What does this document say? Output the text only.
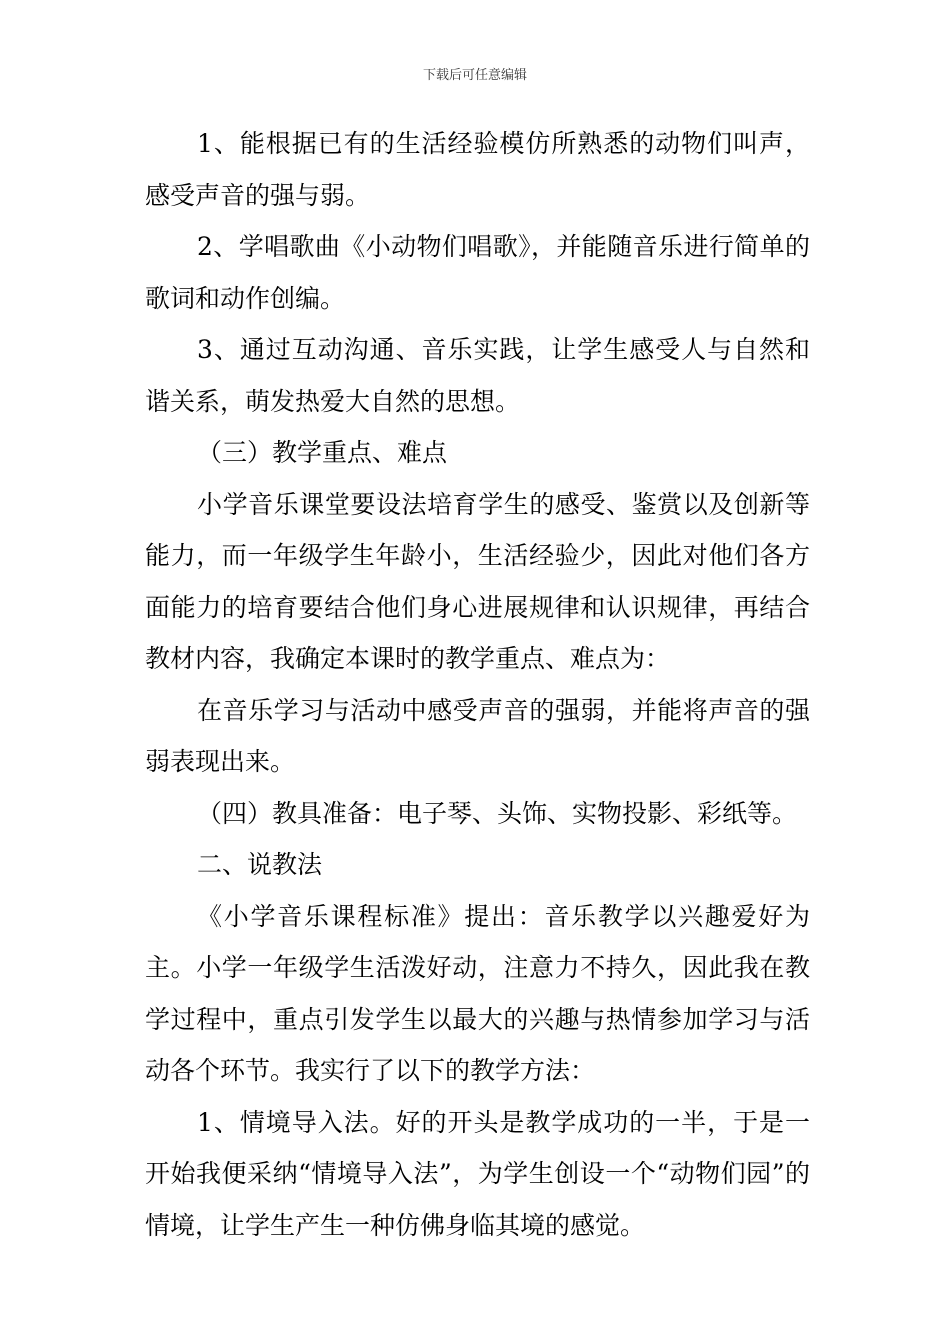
下载后可任意编辑

1、能根据已有的生活经验模仿所熟悉的动物们叫声，感受声音的强与弱。

2、学唱歌曲《小动物们唱歌》，并能随音乐进行简单的歌词和动作创编。

3、通过互动沟通、音乐实践，让学生感受人与自然和谐关系，萌发热爱大自然的思想。

（三）教学重点、难点

小学音乐课堂要设法培育学生的感受、鉴赏以及创新等能力，而一年级学生年龄小，生活经验少，因此对他们各方面能力的培育要结合他们身心进展规律和认识规律，再结合教材内容，我确定本课时的教学重点、难点为：

在音乐学习与活动中感受声音的强弱，并能将声音的强弱表现出来。

（四）教具准备：电子琴、头饰、实物投影、彩纸等。

二、说教法

《小学音乐课程标准》提出：音乐教学以兴趣爱好为主。小学一年级学生活泼好动，注意力不持久，因此我在教学过程中，重点引发学生以最大的兴趣与热情参加学习与活动各个环节。我实行了以下的教学方法：

1、情境导入法。好的开头是教学成功的一半，于是一开始我便采纳“情境导入法”，为学生创设一个“动物们园”的情境，让学生产生一种仿佛身临其境的感觉。
